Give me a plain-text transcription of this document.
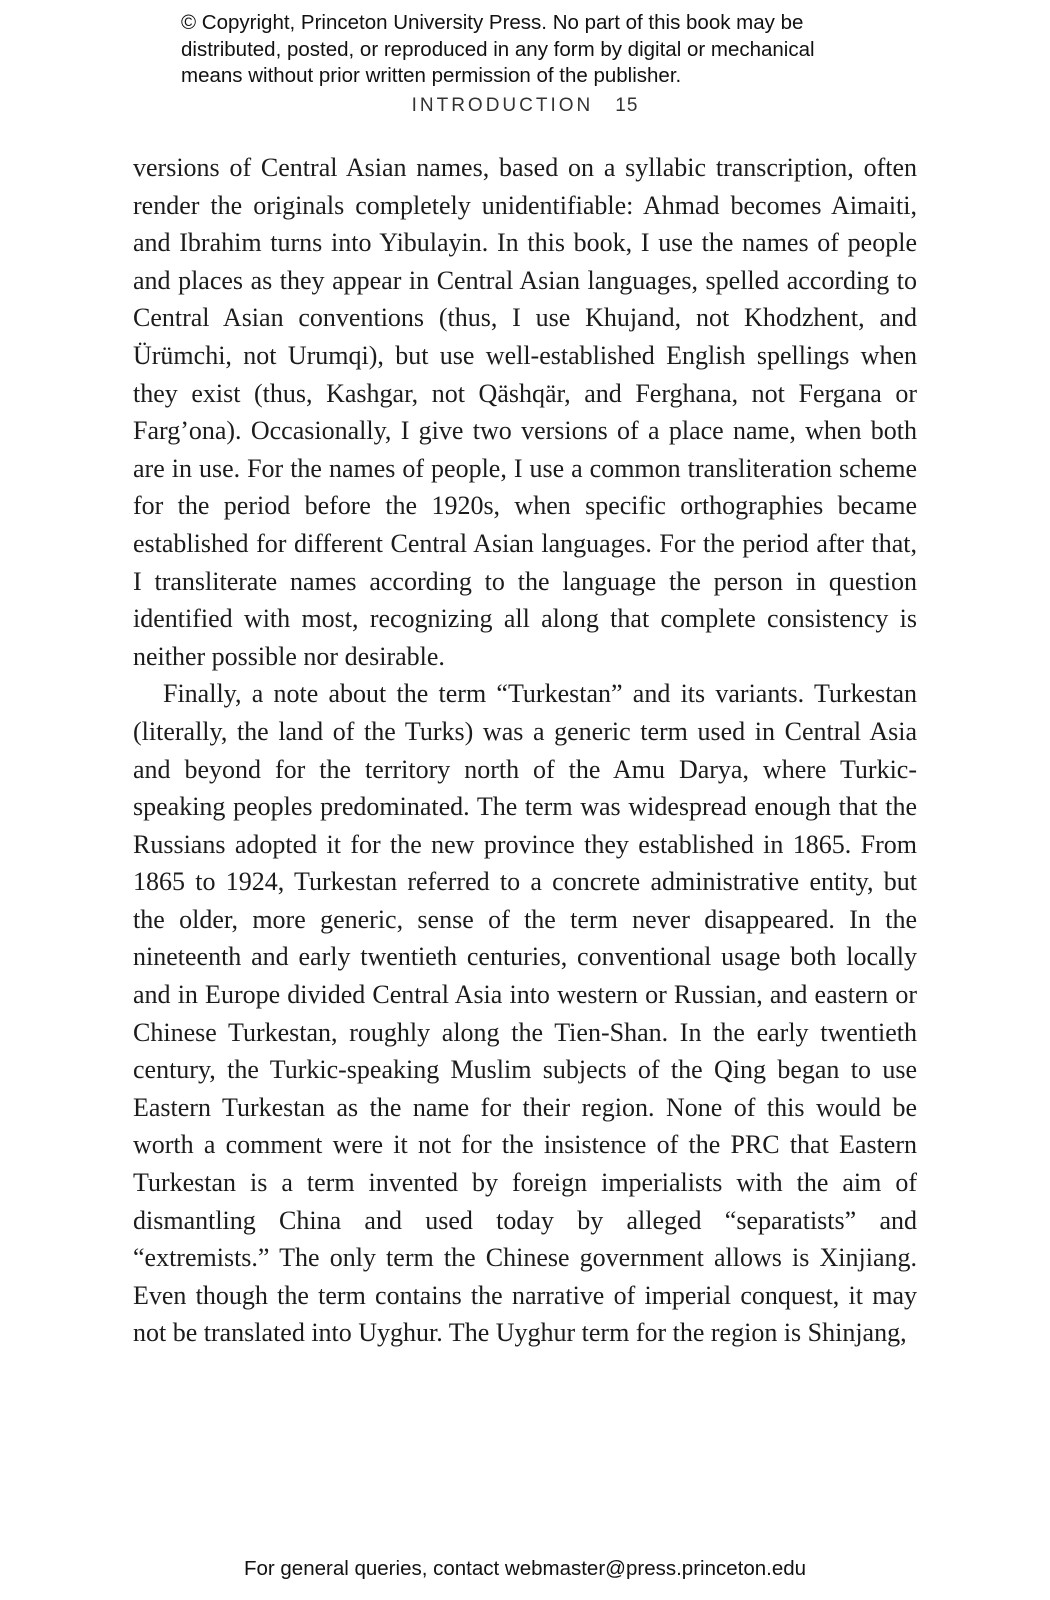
© Copyright, Princeton University Press. No part of this book may be
distributed, posted, or reproduced in any form by digital or mechanical
means without prior written permission of the publisher.
INTRODUCTION 15

versions of Central Asian names, based on a syllabic transcription, often render the originals completely unidentifiable: Ahmad becomes Aimaiti, and Ibrahim turns into Yibulayin. In this book, I use the names of people and places as they appear in Central Asian languages, spelled according to Central Asian conventions (thus, I use Khujand, not Khodzhent, and Ürümchi, not Urumqi), but use well-established English spellings when they exist (thus, Kashgar, not Qäshqär, and Ferghana, not Fergana or Farg’ona). Occasionally, I give two versions of a place name, when both are in use. For the names of people, I use a common transliteration scheme for the period before the 1920s, when specific orthographies became established for different Central Asian languages. For the period after that, I transliterate names according to the language the person in question identified with most, recognizing all along that complete consistency is neither possible nor desirable.

Finally, a note about the term “Turkestan” and its variants. Turkestan (literally, the land of the Turks) was a generic term used in Central Asia and beyond for the territory north of the Amu Darya, where Turkic-speaking peoples predominated. The term was widespread enough that the Russians adopted it for the new province they established in 1865. From 1865 to 1924, Turkestan referred to a concrete administrative entity, but the older, more generic, sense of the term never disappeared. In the nineteenth and early twentieth centuries, conventional usage both locally and in Europe divided Central Asia into western or Russian, and eastern or Chinese Turkestan, roughly along the Tien-Shan. In the early twentieth century, the Turkic-speaking Muslim subjects of the Qing began to use Eastern Turkestan as the name for their region. None of this would be worth a comment were it not for the insistence of the PRC that Eastern Turkestan is a term invented by foreign imperialists with the aim of dismantling China and used today by alleged “separatists” and “extremists.” The only term the Chinese government allows is Xinjiang. Even though the term contains the narrative of imperial conquest, it may not be translated into Uyghur. The Uyghur term for the region is Shinjang,

For general queries, contact webmaster@press.princeton.edu
